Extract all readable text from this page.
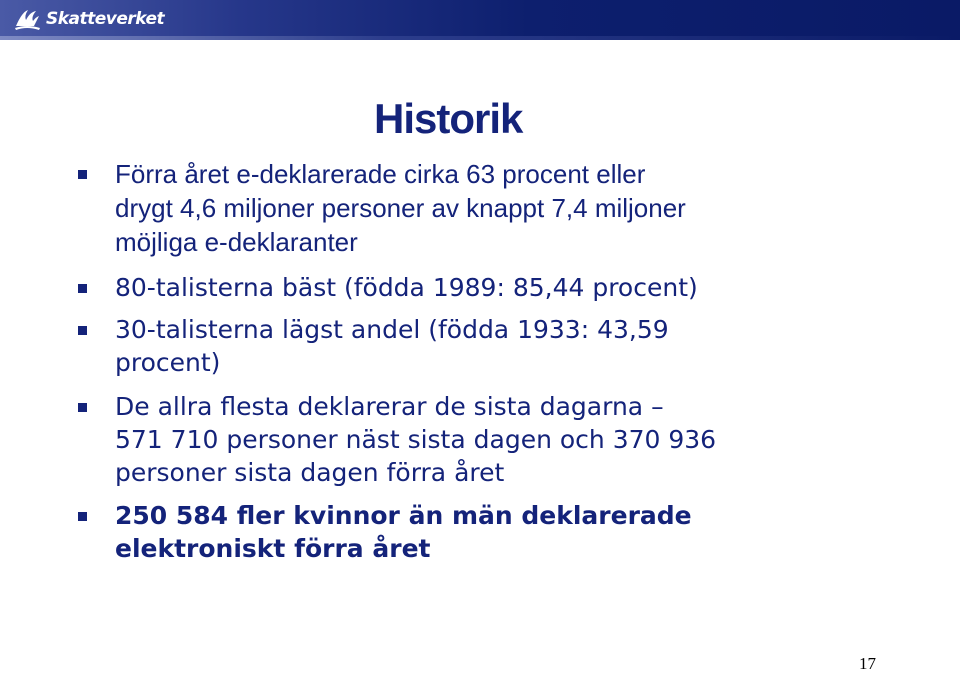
Skatteverket
Historik
Förra året e-deklarerade cirka 63 procent eller
drygt 4,6 miljoner personer av knappt 7,4 miljoner
möjliga e-deklaranter
80-talisterna bäst (födda 1989: 85,44 procent)
30-talisterna lägst andel (födda 1933: 43,59
procent)
De allra flesta deklarerar de sista dagarna –
571 710 personer näst sista dagen och 370 936
personer sista dagen förra året
250 584 fler kvinnor än män deklarerade
elektroniskt förra året
17
